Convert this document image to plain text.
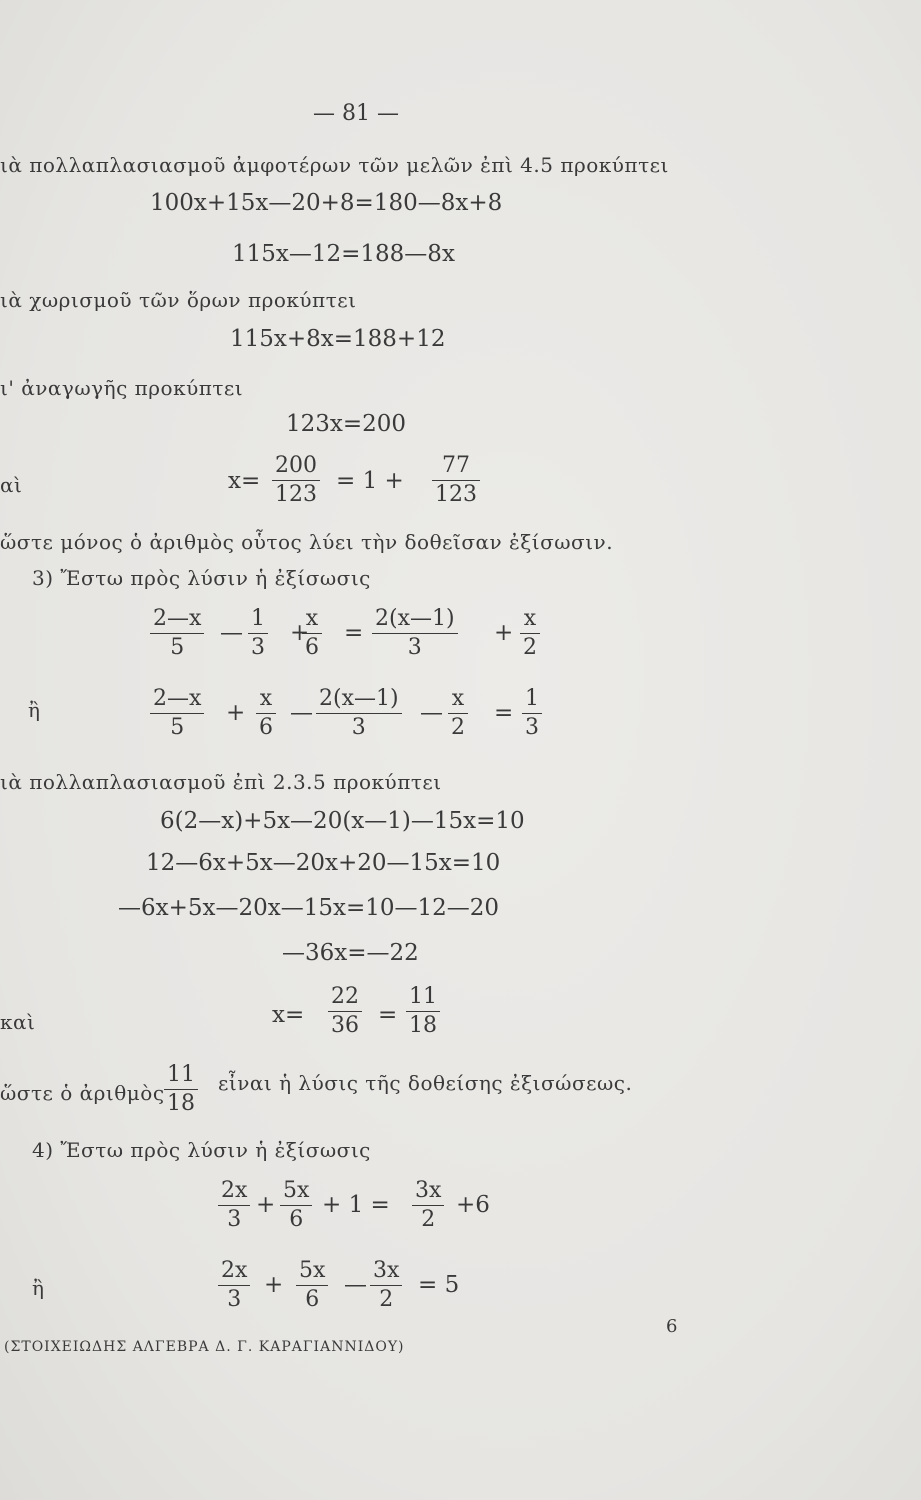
— 81 —
ιὰ πολλαπλασιασμοῦ ἀμφοτέρων τῶν μελῶν ἐπὶ 4.5 προκύπτει
100x+15x—20+8=180—8x+8
115x—12=188—8x
ιὰ χωρισμοῦ τῶν ὅρων προκύπτει
115x+8x=188+12
ι' ἀναγωγῆς προκύπτει
123x=200
αὶ	$x= \frac{200}{123} = 1 + \frac{77}{123}$
ὥστε μόνος ὁ ἀριθμὸς οὗτος λύει τὴν δοθεῖσαν ἐξίσωσιν.
3) Ἔστω πρὸς λύσιν ἡ ἐξίσωσις
$\frac{2—x}{5}$ — $\frac{1}{3}$ +
$\frac{x}{6} = \frac{2(x—1)}{3} + \frac{x}{2}$
ἢ	$\frac{2—x}{5} + \frac{x}{6}$ — $\frac{2(x—1)}{3}$ — $\frac{x}{2} = \frac{1}{3}$
ιὰ πολλαπλασιασμοῦ ἐπὶ 2.3.5 προκύπτει
6(2—x)+5x—20(x—1)—15x=10
12—6x+5x—20x+20—15x=10
—6x+5x—20x—15x=10—12—20
—36x=—22
καὶ	$x= \frac{22}{36} = \frac{11}{18}$
ὥστε ὁ ἀριθμὸς $\frac{11}{18}$ εἶναι ἡ λύσις τῆς δοθείσης ἐξισώσεως.
4) Ἔστω πρὸς λύσιν ἡ ἐξίσωσις
$\frac{2x}{3} + \frac{5x}{6} + 1 = \frac{3x}{2} +6$
ἢ	$\frac{2x}{3} + \frac{5x}{6}$ — $\frac{3x}{2} = 5$
(ΣΤΟΙΧΕΙΩΔΗΣ ΑΛΓΕΒΡΑ Δ. Γ. ΚΑΡΑΓΙΑΝΝΙΔΟΥ)
6
